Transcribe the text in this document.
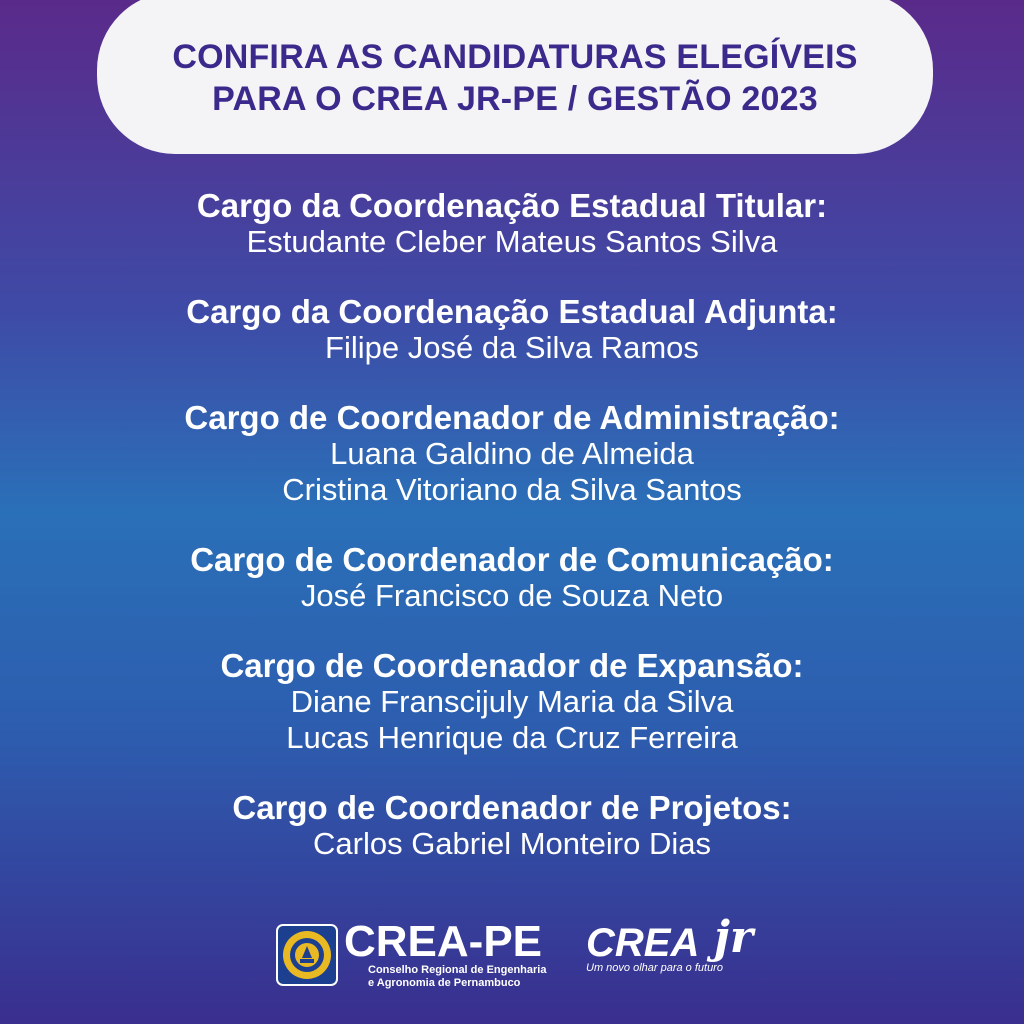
CONFIRA AS CANDIDATURAS ELEGÍVEIS
PARA O CREA JR-PE / GESTÃO 2023
Cargo da Coordenação Estadual Titular:
Estudante Cleber Mateus Santos Silva
Cargo da Coordenação Estadual Adjunta:
Filipe José da Silva Ramos
Cargo de Coordenador de Administração:
Luana Galdino de Almeida
Cristina Vitoriano da Silva Santos
Cargo de Coordenador de Comunicação:
José Francisco de Souza Neto
Cargo de Coordenador de Expansão:
Diane Franscijuly Maria da Silva
Lucas Henrique da Cruz Ferreira
Cargo de Coordenador de Projetos:
Carlos Gabriel Monteiro Dias
CREA-PE
Conselho Regional de Engenharia
e Agronomia de Pernambuco
CREA jr
Um novo olhar para o futuro
